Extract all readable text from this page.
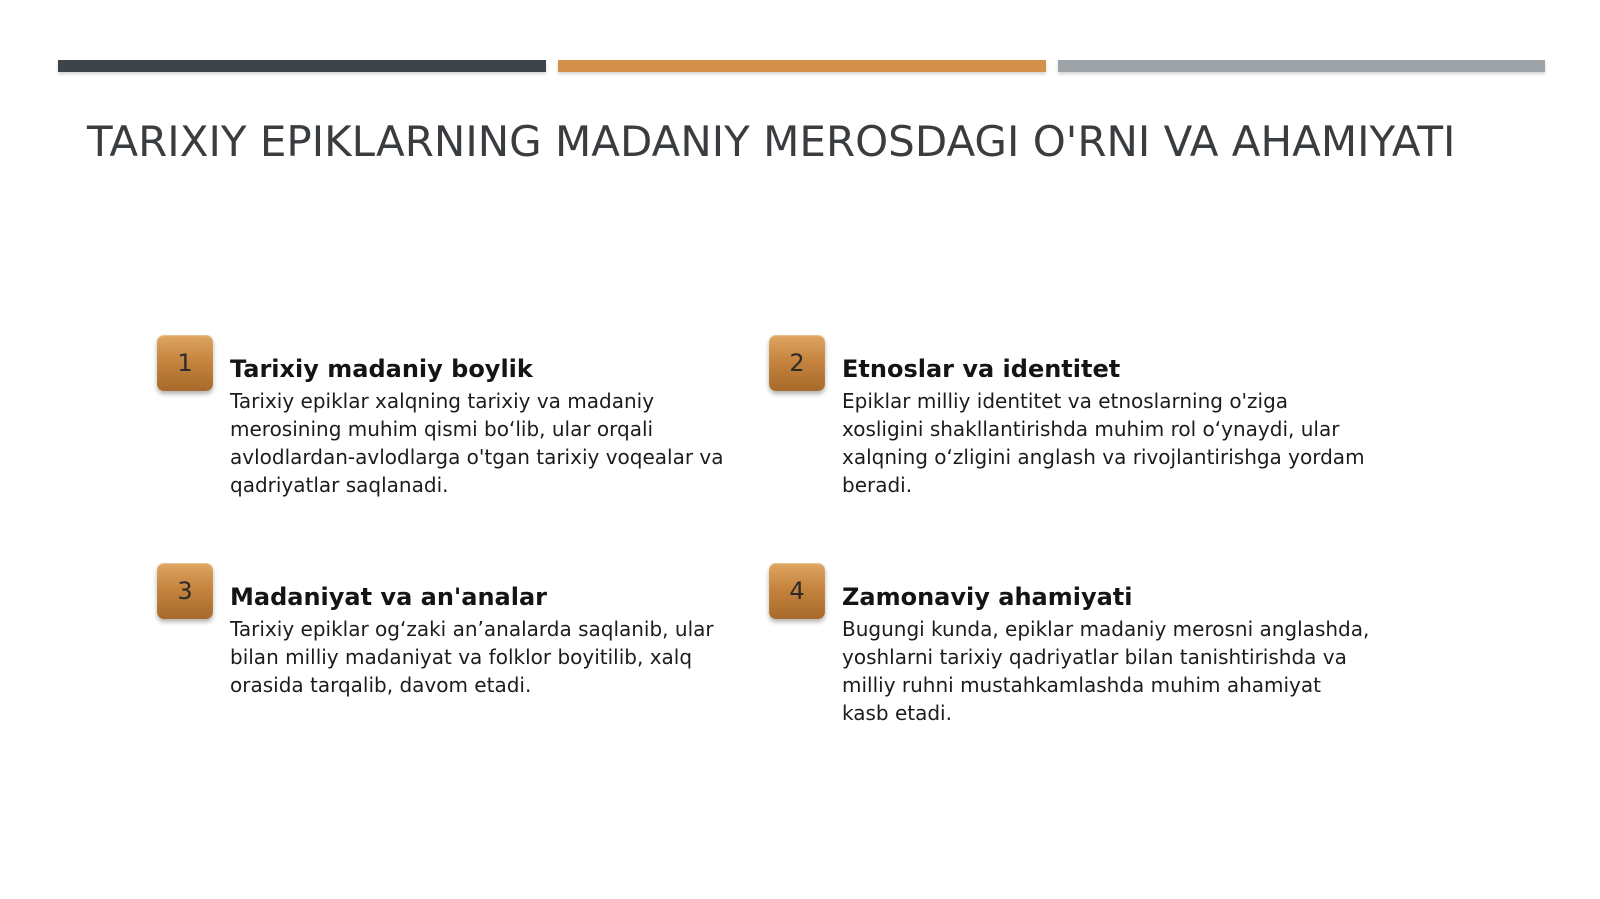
TARIXIY EPIKLARNING MADANIY MEROSDAGI O'RNI VA AHAMIYATI
1	Tarixiy madaniy boylik

Tarixiy epiklar xalqning tarixiy va madaniy merosining muhim qismi bo‘lib, ular orqali avlodlardan-avlodlarga o'tgan tarixiy voqealar va qadriyatlar saqlanadi.

2	Etnoslar va identitet

Epiklar milliy identitet va etnoslarning o'ziga xosligini shakllantirishda muhim rol o‘ynaydi, ular xalqning o‘zligini anglash va rivojlantirishga yordam beradi.

3	Madaniyat va an'analar

Tarixiy epiklar og‘zaki an’analarda saqlanib, ular bilan milliy madaniyat va folklor boyitilib, xalq orasida tarqalib, davom etadi.

4	Zamonaviy ahamiyati

Bugungi kunda, epiklar madaniy merosni anglashda, yoshlarni tarixiy qadriyatlar bilan tanishtirishda va milliy ruhni mustahkamlashda muhim ahamiyat kasb etadi.
